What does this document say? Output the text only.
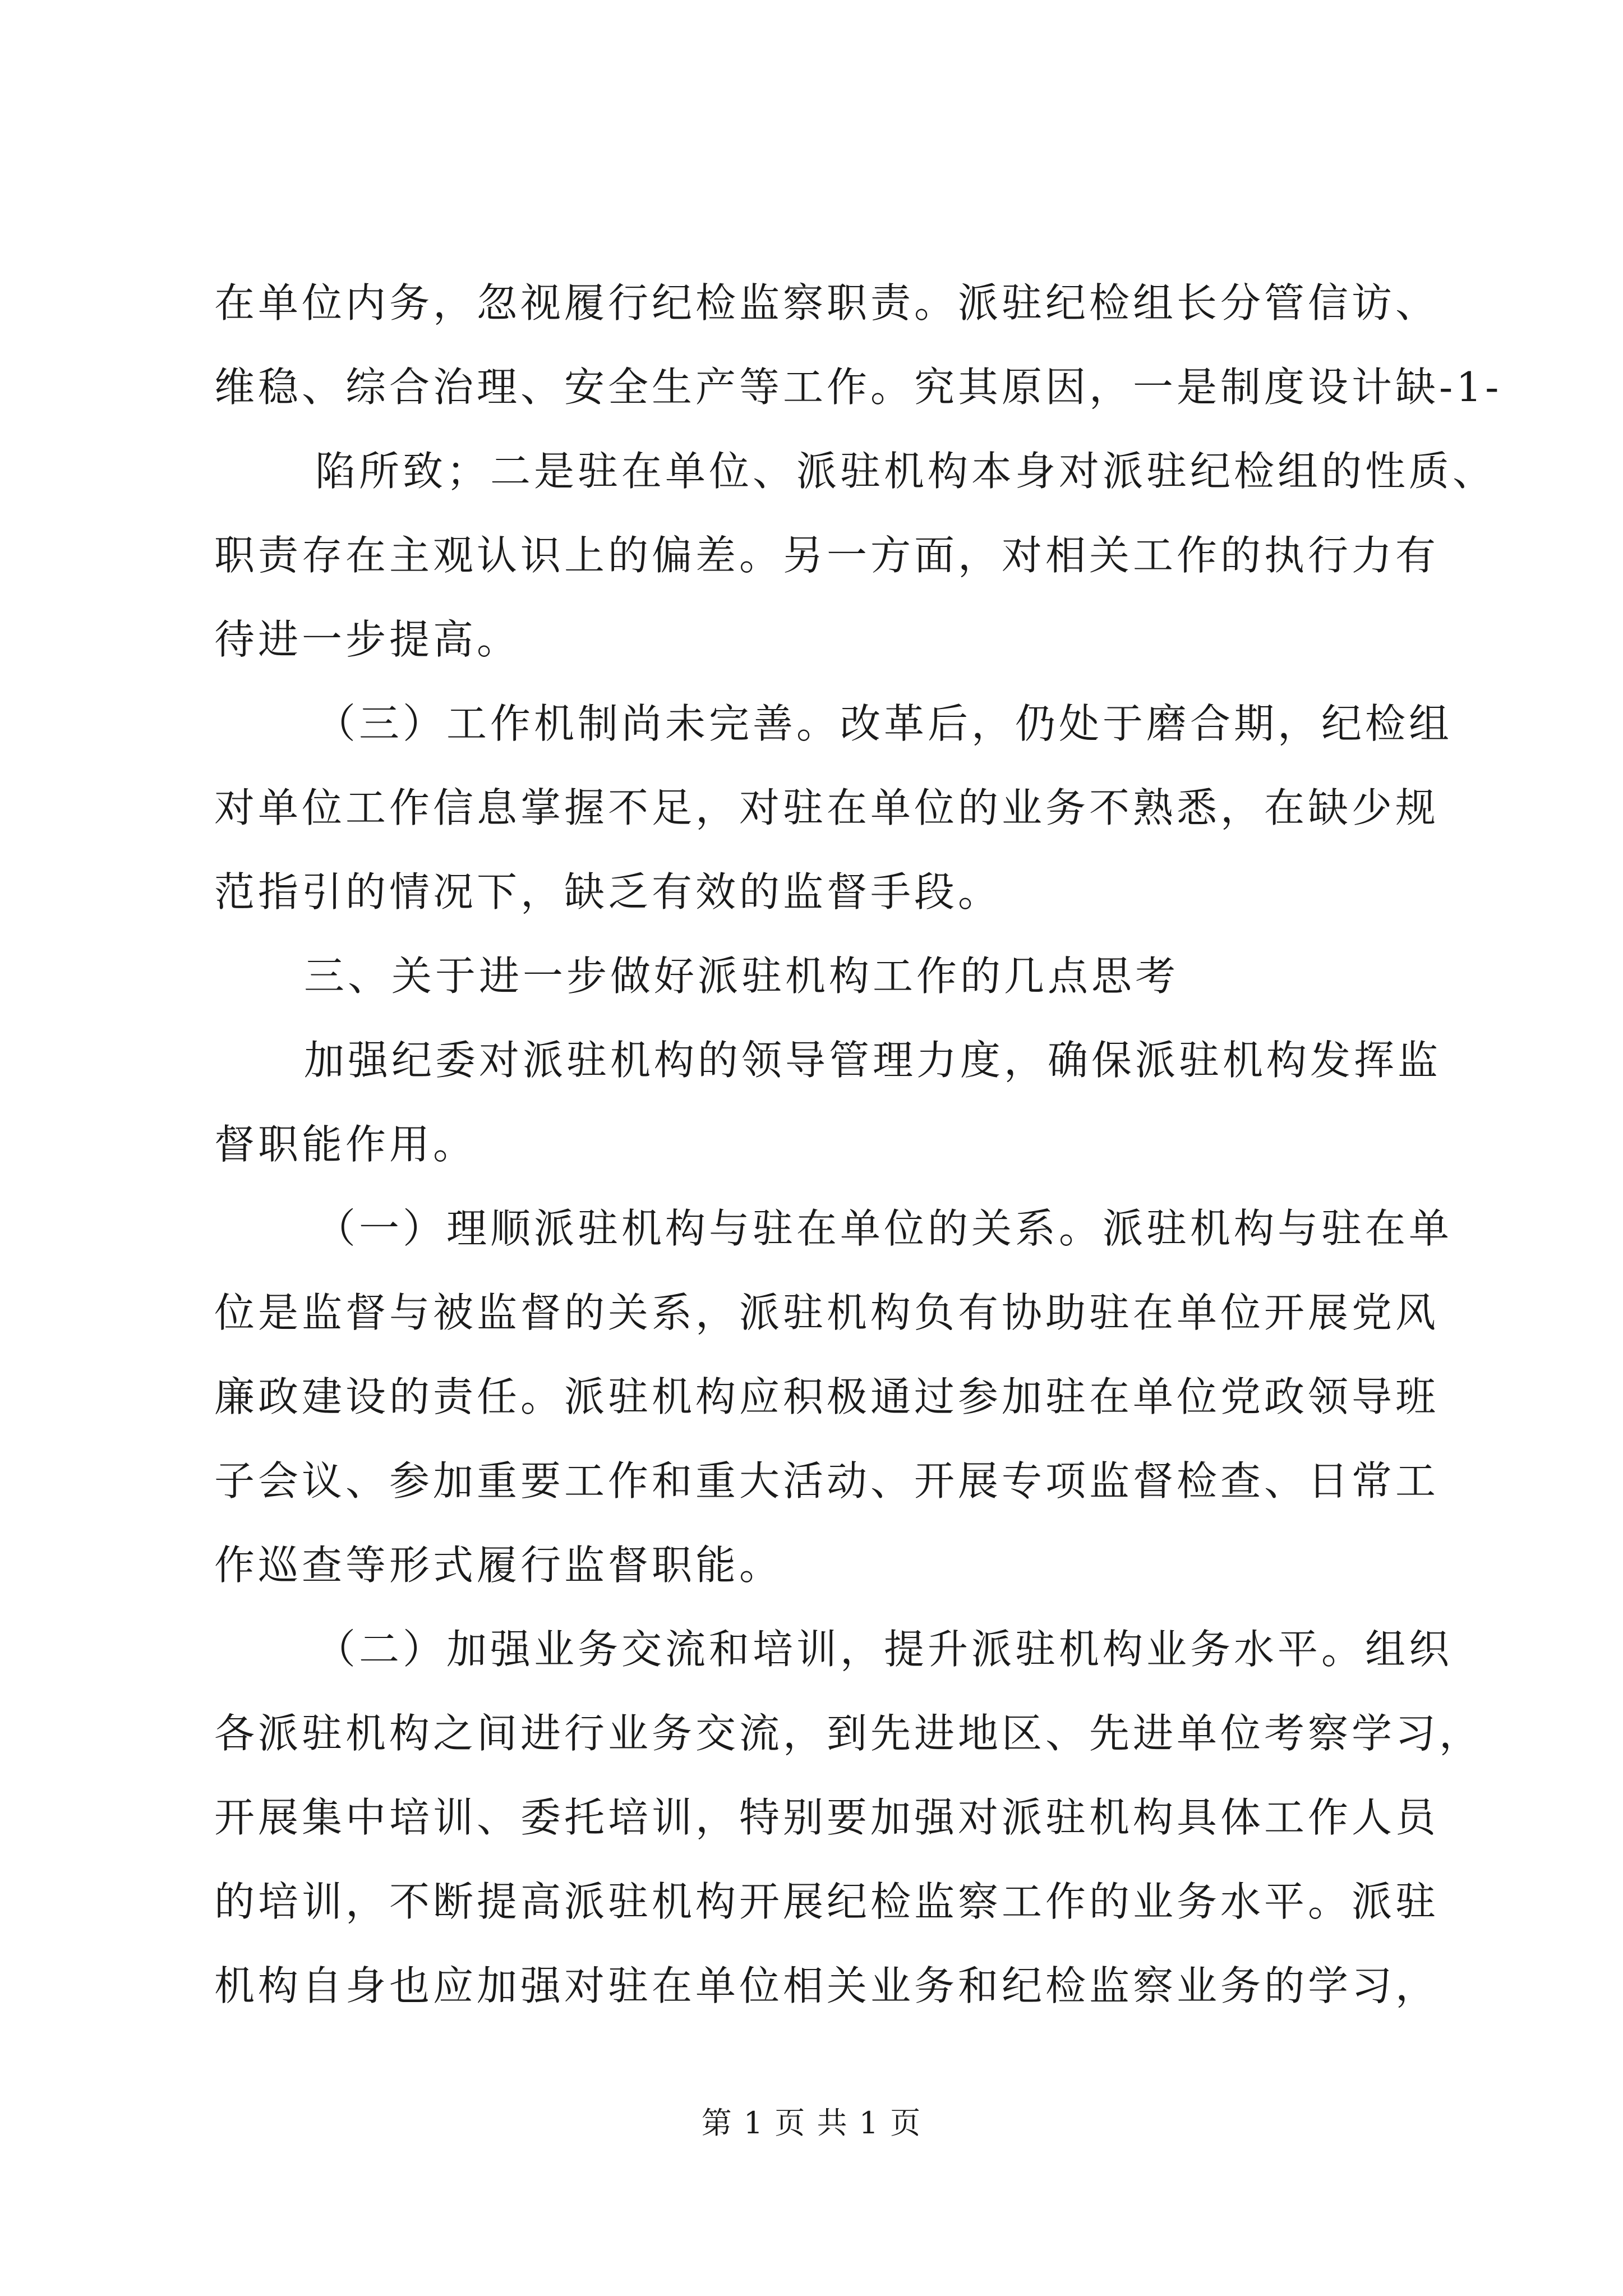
在单位内务，忽视履行纪检监察职责。派驻纪检组长分管信访、
维稳、综合治理、安全生产等工作。究其原因，一是制度设计缺-1-
陷所致；二是驻在单位、派驻机构本身对派驻纪检组的性质、
职责存在主观认识上的偏差。另一方面，对相关工作的执行力有
待进一步提高。
（三）工作机制尚未完善。改革后，仍处于磨合期，纪检组
对单位工作信息掌握不足，对驻在单位的业务不熟悉，在缺少规
范指引的情况下，缺乏有效的监督手段。
三、关于进一步做好派驻机构工作的几点思考
加强纪委对派驻机构的领导管理力度，确保派驻机构发挥监
督职能作用。
（一）理顺派驻机构与驻在单位的关系。派驻机构与驻在单
位是监督与被监督的关系，派驻机构负有协助驻在单位开展党风
廉政建设的责任。派驻机构应积极通过参加驻在单位党政领导班
子会议、参加重要工作和重大活动、开展专项监督检查、日常工
作巡查等形式履行监督职能。
（二）加强业务交流和培训，提升派驻机构业务水平。组织
各派驻机构之间进行业务交流，到先进地区、先进单位考察学习，
开展集中培训、委托培训，特别要加强对派驻机构具体工作人员
的培训，不断提高派驻机构开展纪检监察工作的业务水平。派驻
机构自身也应加强对驻在单位相关业务和纪检监察业务的学习，
第 1 页 共 1 页
